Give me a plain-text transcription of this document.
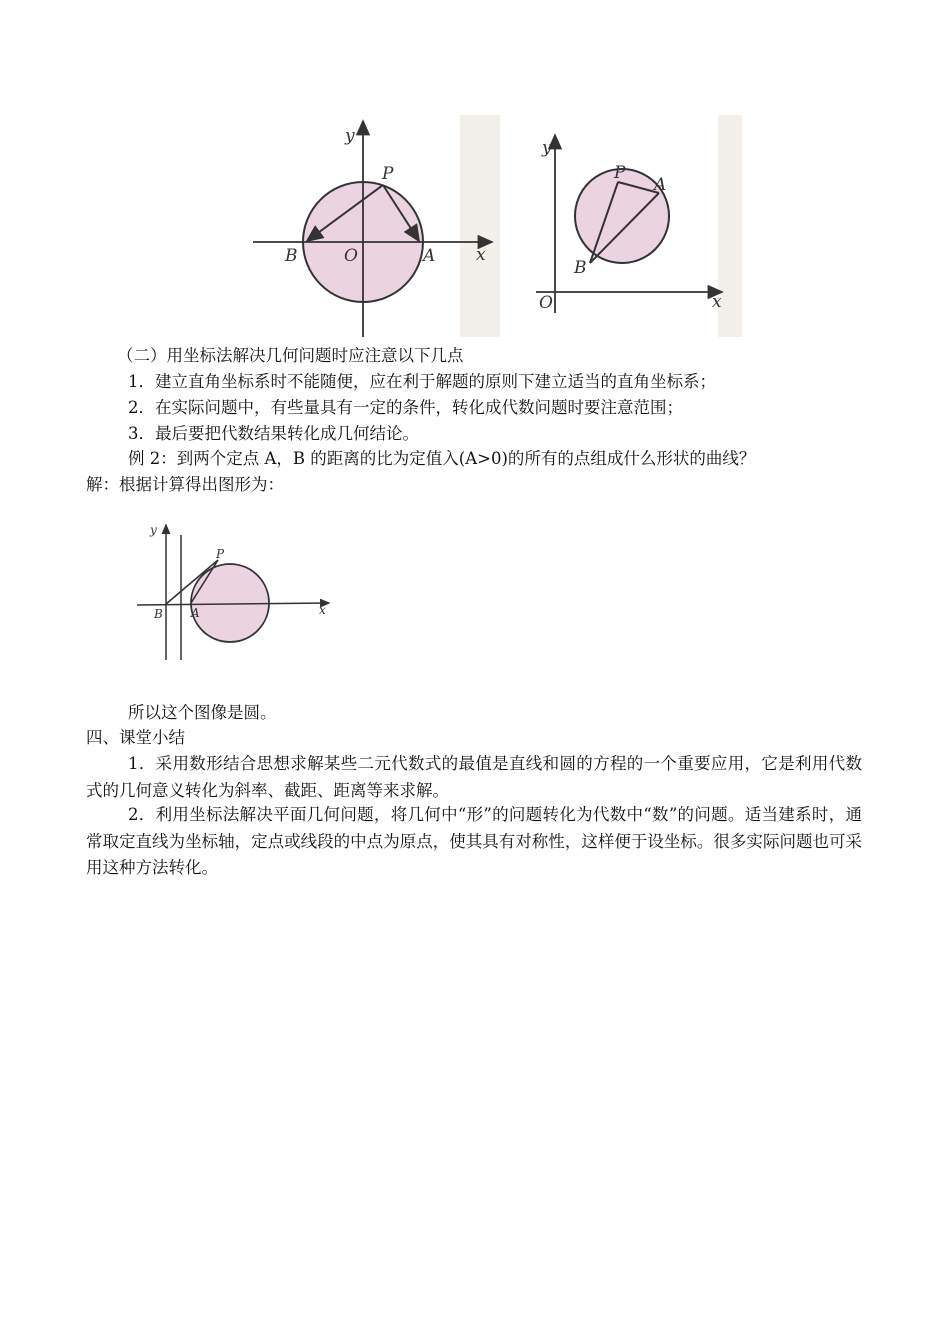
y
x
P
B	O	A
y
x
P
A
B
O
（二）用坐标法解决几何问题时应注意以下几点
1．建立直角坐标系时不能随便，应在利于解题的原则下建立适当的直角坐标系；
2．在实际问题中，有些量具有一定的条件，转化成代数问题时要注意范围；
3．最后要把代数结果转化成几何结论。
例 2：到两个定点 A，B 的距离的比为定值入(A>0)的所有的点组成什么形状的曲线？
解：根据计算得出图形为：
y
x
P
B A
所以这个图像是圆。
四、课堂小结
1．采用数形结合思想求解某些二元代数式的最值是直线和圆的方程的一个重要应用，它是利用代数式的几何意义转化为斜率、截距、距离等来求解。
2．利用坐标法解决平面几何问题，将几何中“形”的问题转化为代数中“数”的问题。适当建系时，通常取定直线为坐标轴，定点或线段的中点为原点，使其具有对称性，这样便于设坐标。很多实际问题也可采用这种方法转化。
